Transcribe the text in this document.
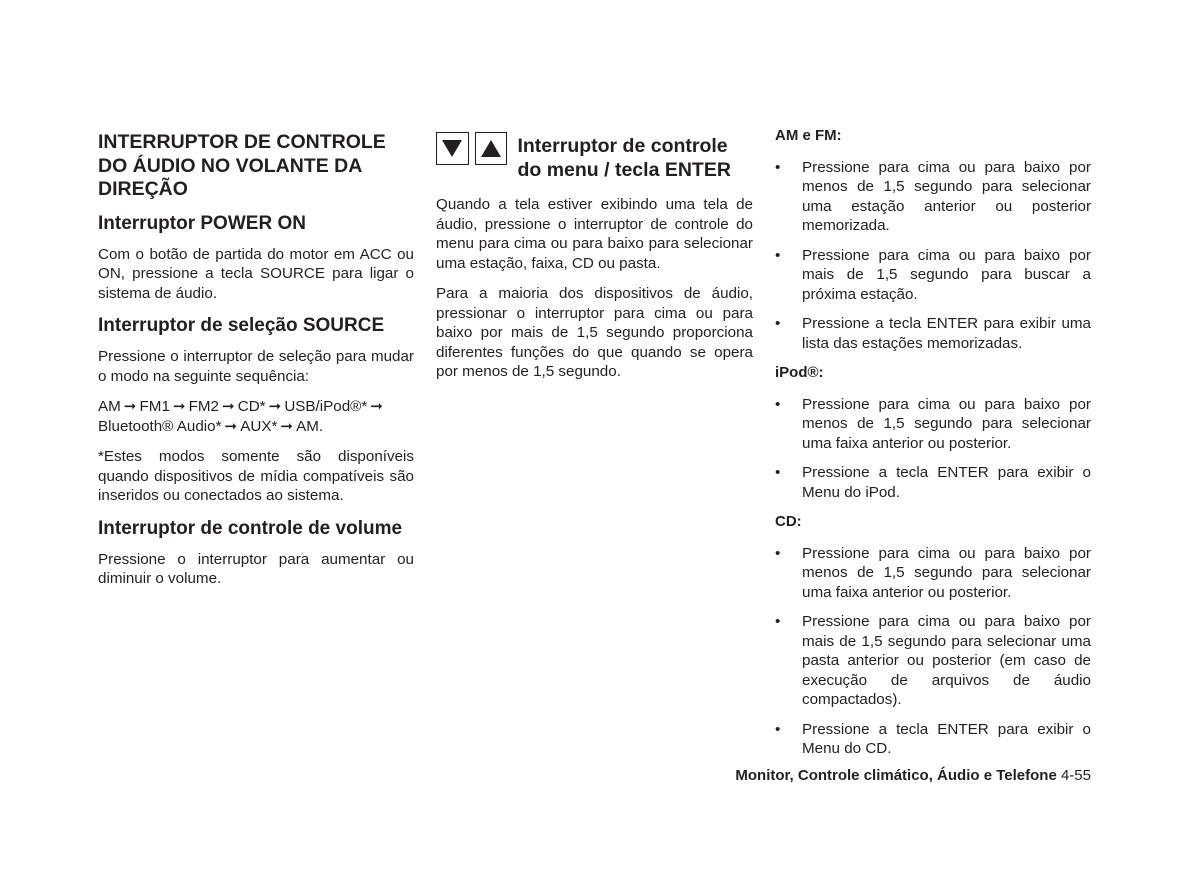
INTERRUPTOR DE CONTROLE DO ÁUDIO NO VOLANTE DA DIREÇÃO
Interruptor POWER ON
Com o botão de partida do motor em ACC ou ON, pressione a tecla SOURCE para ligar o sistema de áudio.
Interruptor de seleção SOURCE
Pressione o interruptor de seleção para mudar o modo na seguinte sequência:
AM ➞ FM1 ➞ FM2 ➞ CD* ➞ USB/iPod®* ➞
Bluetooth® Audio* ➞ AUX* ➞ AM.
*Estes modos somente são disponíveis quando dispositivos de mídia compatíveis são inseridos ou conectados ao sistema.
Interruptor de controle de volume
Pressione o interruptor para aumentar ou diminuir o volume.
Interruptor de controle do menu / tecla ENTER
Quando a tela estiver exibindo uma tela de áudio, pressione o interruptor de controle do menu para cima ou para baixo para selecionar uma estação, faixa, CD ou pasta.
Para a maioria dos dispositivos de áudio, pressionar o interruptor para cima ou para baixo por mais de 1,5 segundo proporciona diferentes funções do que quando se opera por menos de 1,5 segundo.
AM e FM:
• Pressione para cima ou para baixo por menos de 1,5 segundo para selecionar uma estação anterior ou posterior memorizada.
• Pressione para cima ou para baixo por mais de 1,5 segundo para buscar a próxima estação.
• Pressione a tecla ENTER para exibir uma lista das estações memorizadas.
iPod®:
• Pressione para cima ou para baixo por menos de 1,5 segundo para selecionar uma faixa anterior ou posterior.
• Pressione a tecla ENTER para exibir o Menu do iPod.
CD:
• Pressione para cima ou para baixo por menos de 1,5 segundo para selecionar uma faixa anterior ou posterior.
• Pressione para cima ou para baixo por mais de 1,5 segundo para selecionar uma pasta anterior ou posterior (em caso de execução de arquivos de áudio compactados).
• Pressione a tecla ENTER para exibir o Menu do CD.
Monitor, Controle climático, Áudio e Telefone 4-55
